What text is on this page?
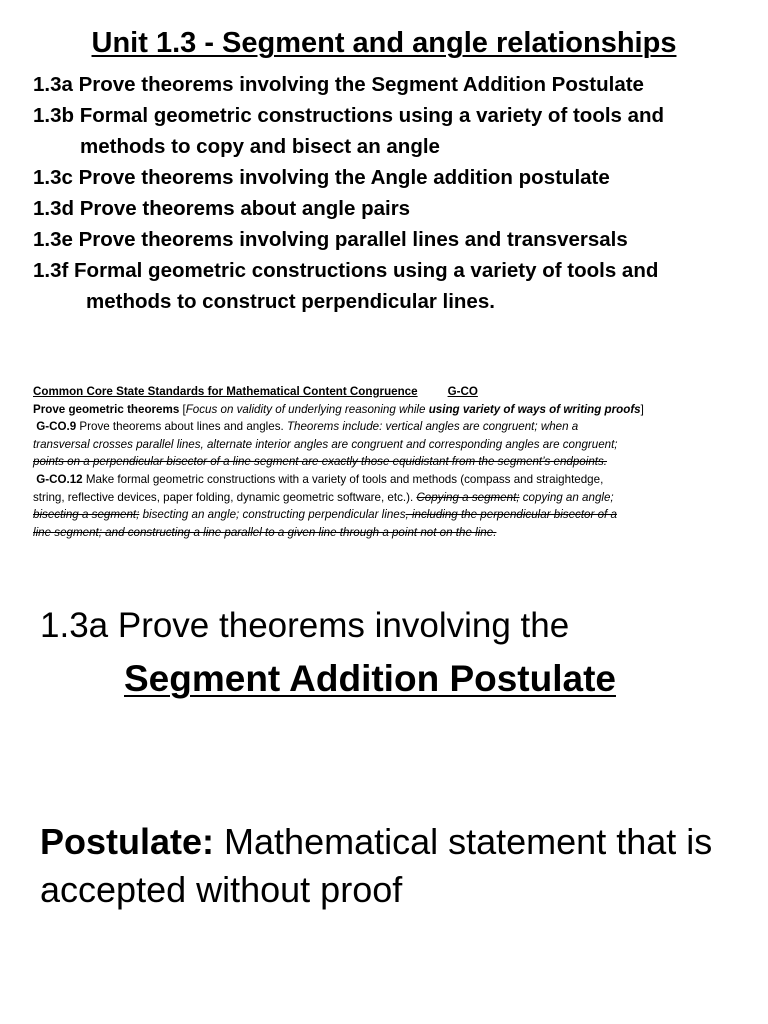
Unit 1.3 - Segment and angle relationships
1.3a Prove theorems involving the Segment Addition Postulate
1.3b Formal geometric constructions using a variety of tools and
methods to copy and bisect an angle
1.3c Prove theorems involving the Angle addition postulate
1.3d Prove theorems about angle pairs
1.3e Prove theorems involving parallel lines and transversals
1.3f Formal geometric constructions using a variety of tools and
methods to construct perpendicular lines.
Common Core State Standards for Mathematical Content Congruence	G-CO
Prove geometric theorems [Focus on validity of underlying reasoning while using variety of ways of writing proofs]
G-CO.9 Prove theorems about lines and angles. Theorems include: vertical angles are congruent; when a
transversal crosses parallel lines, alternate interior angles are congruent and corresponding angles are congruent;
points on a perpendicular bisector of a line segment are exactly those equidistant from the segment’s endpoints.
G-CO.12 Make formal geometric constructions with a variety of tools and methods (compass and straightedge,
string, reflective devices, paper folding, dynamic geometric software, etc.). Copying a segment; copying an angle;
bisecting a segment; bisecting an angle; constructing perpendicular lines, including the perpendicular bisector of a
line segment; and constructing a line parallel to a given line through a point not on the line.
1.3a Prove theorems involving the
Segment Addition Postulate

Postulate: Mathematical statement that is accepted without proof
